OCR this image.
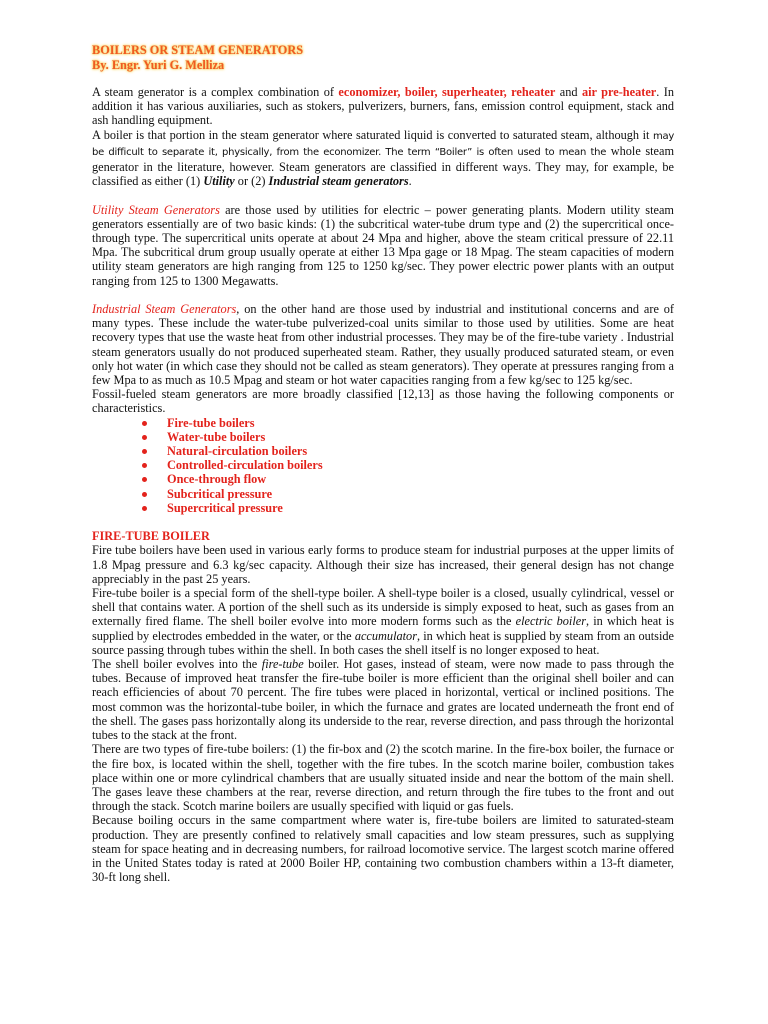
BOILERS OR STEAM GENERATORS
By. Engr. Yuri G. Melliza

A steam generator is a complex combination of economizer, boiler, superheater, reheater and air pre-heater. In addition it has various auxiliaries, such as stokers, pulverizers, burners, fans, emission control equipment, stack and ash handling equipment.

A boiler is that portion in the steam generator where saturated liquid is converted to saturated steam, although it may be difficult to separate it, physically, from the economizer. The term “Boiler” is often used to mean the whole steam generator in the literature, however. Steam generators are classified in different ways. They may, for example, be classified as either (1) Utility or (2) Industrial steam generators.

Utility Steam Generators are those used by utilities for electric – power generating plants. Modern utility steam generators essentially are of two basic kinds: (1) the subcritical water-tube drum type and (2) the supercritical once-through type. The supercritical units operate at about 24 Mpa and higher, above the steam critical pressure of 22.11 Mpa. The subcritical drum group usually operate at either 13 Mpa gage or 18 Mpag. The steam capacities of modern utility steam generators are high ranging from 125 to 1250 kg/sec. They power electric power plants with an output ranging from 125 to 1300 Megawatts.

Industrial Steam Generators, on the other hand are those used by industrial and institutional concerns and are of many types. These include the water-tube pulverized-coal units similar to those used by utilities. Some are heat recovery types that use the waste heat from other industrial processes. They may be of the fire-tube variety . Industrial steam generators usually do not produced superheated steam. Rather, they usually produced saturated steam, or even only hot water (in which case they should not be called as steam generators). They operate at pressures ranging from a few Mpa to as much as 10.5 Mpag and steam or hot water capacities ranging from a few kg/sec to 125 kg/sec.

Fossil-fueled steam generators are more broadly classified [12,13] as those having the following components or characteristics.

Fire-tube boilers
Water-tube boilers
Natural-circulation boilers
Controlled-circulation boilers
Once-through flow
Subcritical pressure
Supercritical pressure
FIRE-TUBE BOILER

Fire tube boilers have been used in various early forms to produce steam for industrial purposes at the upper limits of 1.8 Mpag pressure and 6.3 kg/sec capacity. Although their size has increased, their general design has not change appreciably in the past 25 years.

Fire-tube boiler is a special form of the shell-type boiler. A shell-type boiler is a closed, usually cylindrical, vessel or shell that contains water. A portion of the shell such as its underside is simply exposed to heat, such as gases from an externally fired flame. The shell boiler evolve into more modern forms such as the electric boiler, in which heat is supplied by electrodes embedded in the water, or the accumulator, in which heat is supplied by steam from an outside source passing through tubes within the shell. In both cases the shell itself is no longer exposed to heat.

The shell boiler evolves into the fire-tube boiler. Hot gases, instead of steam, were now made to pass through the tubes. Because of improved heat transfer the fire-tube boiler is more efficient than the original shell boiler and can reach efficiencies of about 70 percent. The fire tubes were placed in horizontal, vertical or inclined positions. The most common was the horizontal-tube boiler, in which the furnace and grates are located underneath the front end of the shell. The gases pass horizontally along its underside to the rear, reverse direction, and pass through the horizontal tubes to the stack at the front.

There are two types of fire-tube boilers: (1) the fir-box and (2) the scotch marine. In the fire-box boiler, the furnace or the fire box, is located within the shell, together with the fire tubes. In the scotch marine boiler, combustion takes place within one or more cylindrical chambers that are usually situated inside and near the bottom of the main shell. The gases leave these chambers at the rear, reverse direction, and return through the fire tubes to the front and out through the stack. Scotch marine boilers are usually specified with liquid or gas fuels.

Because boiling occurs in the same compartment where water is, fire-tube boilers are limited to saturated-steam production. They are presently confined to relatively small capacities and low steam pressures, such as supplying steam for space heating and in decreasing numbers, for railroad locomotive service. The largest scotch marine offered in the United States today is rated at 2000 Boiler HP, containing two combustion chambers within a 13-ft diameter, 30-ft long shell.
